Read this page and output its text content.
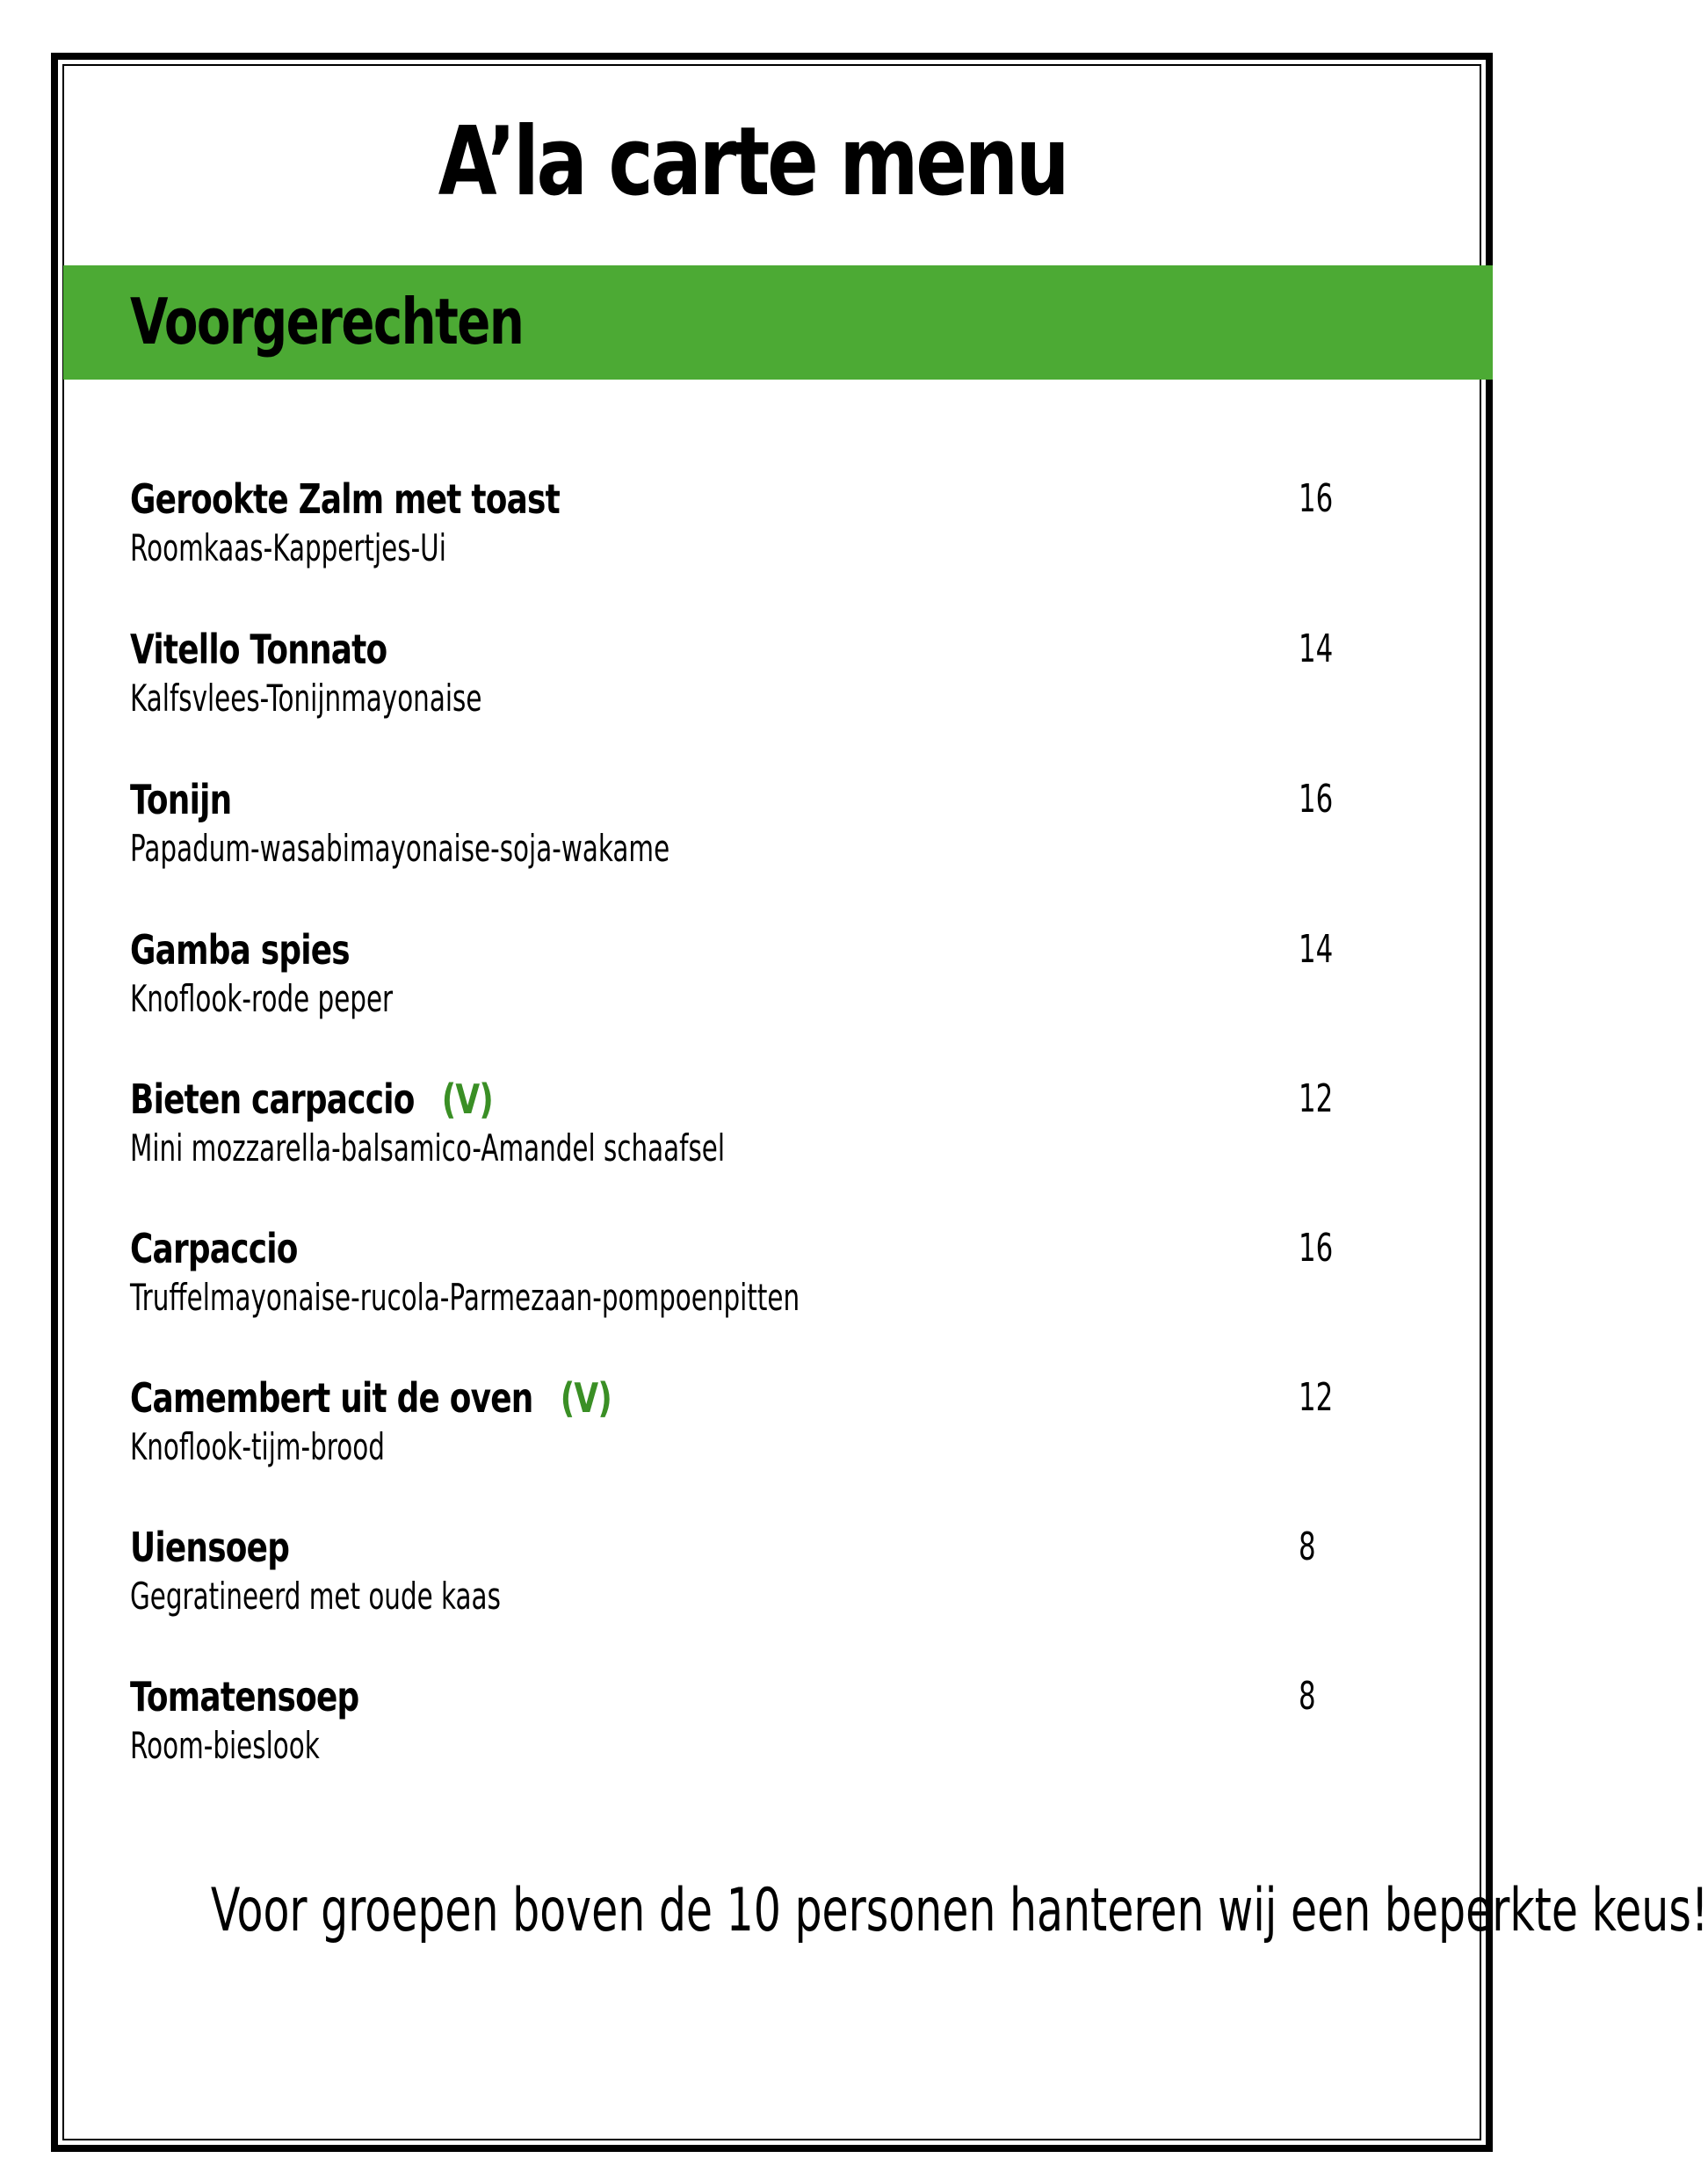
A’la carte menu
Voorgerechten
Gerookte Zalm met toast
Roomkaas-Kappertjes-Ui
16
Vitello Tonnato
Kalfsvlees-Tonijnmayonaise
14
Tonijn
Papadum-wasabimayonaise-soja-wakame
16
Gamba spies
Knoflook-rode peper
14
Bieten carpaccio (V)
Mini mozzarella-balsamico-Amandel schaafsel
12
Carpaccio
Truffelmayonaise-rucola-Parmezaan-pompoenpitten
16
Camembert uit de oven (V)
Knoflook-tijm-brood
12
Uiensoep
Gegratineerd met oude kaas
8
Tomatensoep
Room-bieslook
8
Voor groepen boven de 10 personen hanteren wij een beperkte keus!
